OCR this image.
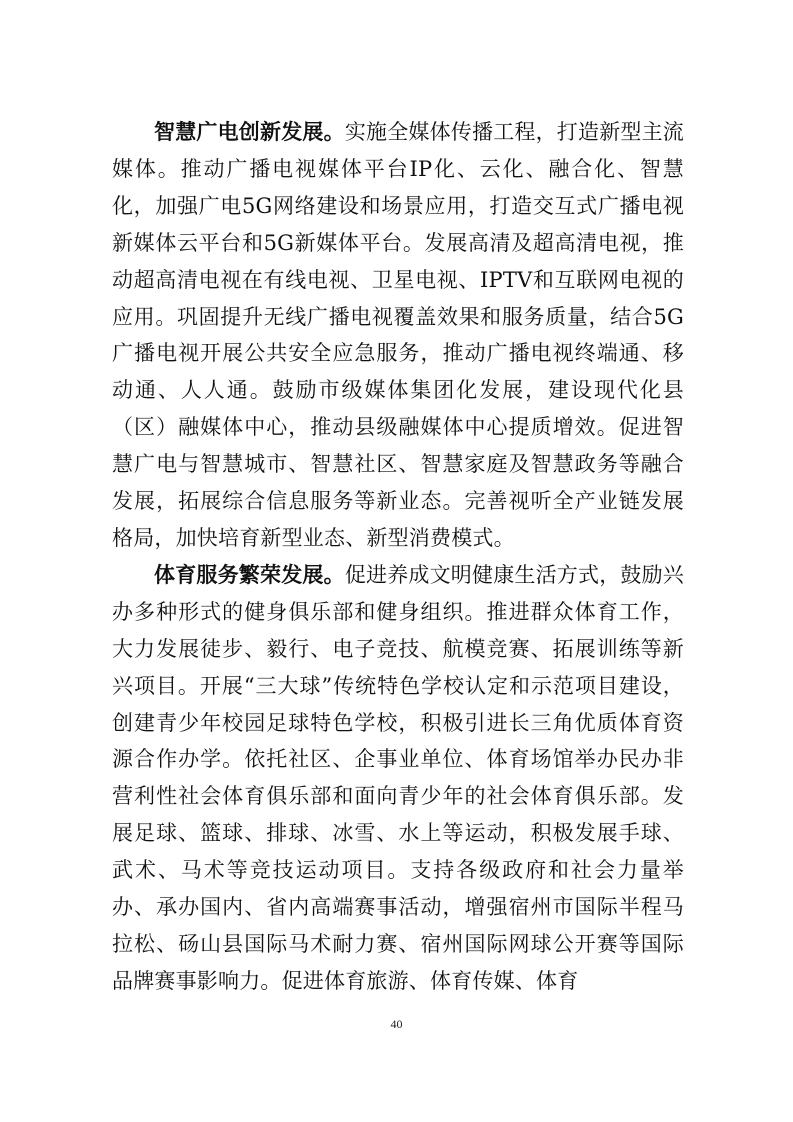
智慧广电创新发展。实施全媒体传播工程，打造新型主流媒体。推动广播电视媒体平台IP化、云化、融合化、智慧化，加强广电5G网络建设和场景应用，打造交互式广播电视新媒体云平台和5G新媒体平台。发展高清及超高清电视，推动超高清电视在有线电视、卫星电视、IPTV和互联网电视的应用。巩固提升无线广播电视覆盖效果和服务质量，结合5G广播电视开展公共安全应急服务，推动广播电视终端通、移动通、人人通。鼓励市级媒体集团化发展，建设现代化县（区）融媒体中心，推动县级融媒体中心提质增效。促进智慧广电与智慧城市、智慧社区、智慧家庭及智慧政务等融合发展，拓展综合信息服务等新业态。完善视听全产业链发展格局，加快培育新型业态、新型消费模式。

体育服务繁荣发展。促进养成文明健康生活方式，鼓励兴办多种形式的健身俱乐部和健身组织。推进群众体育工作，大力发展徒步、毅行、电子竞技、航模竞赛、拓展训练等新兴项目。开展“三大球”传统特色学校认定和示范项目建设，创建青少年校园足球特色学校，积极引进长三角优质体育资源合作办学。依托社区、企事业单位、体育场馆举办民办非营利性社会体育俱乐部和面向青少年的社会体育俱乐部。发展足球、篮球、排球、冰雪、水上等运动，积极发展手球、武术、马术等竞技运动项目。支持各级政府和社会力量举办、承办国内、省内高端赛事活动，增强宿州市国际半程马拉松、砀山县国际马术耐力赛、宿州国际网球公开赛等国际品牌赛事影响力。促进体育旅游、体育传媒、体育

40
